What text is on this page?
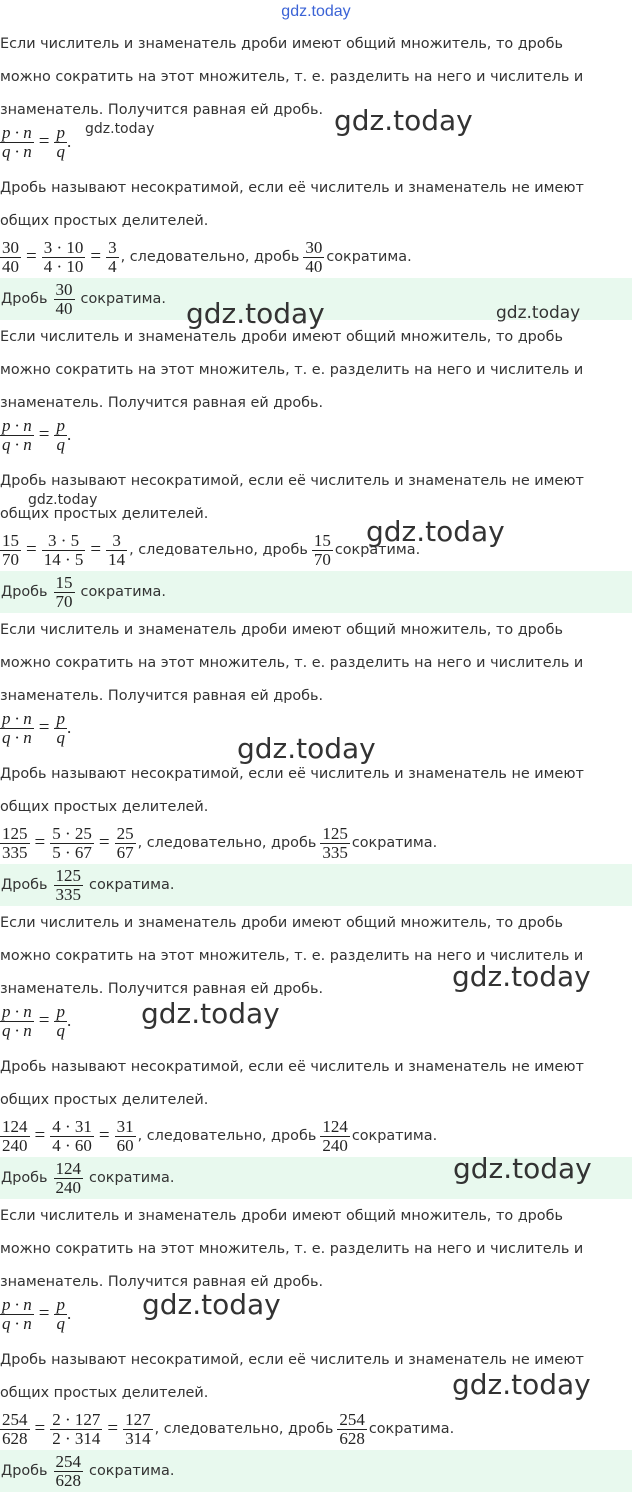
gdz.today
Если числитель и знаменатель дроби имеют общий множитель, то дробь
можно сократить на этот множитель, т. е. разделить на него и числитель и
знаменатель. Получится равная ей дробь.
$\frac{p \cdot n}{q \cdot n} = \frac{p}{q}$ .
Дробь называют несократимой, если её числитель и знаменатель не имеют
общих простых делителей.
$\frac{30}{40} = \frac{3 \cdot 10}{4 \cdot 10} = \frac{3}{4}$ , следовательно, дробь $\frac{30}{40}$ сократима.
Дробь $\frac{30}{40}$ сократима.
Если числитель и знаменатель дроби имеют общий множитель, то дробь
можно сократить на этот множитель, т. е. разделить на него и числитель и
знаменатель. Получится равная ей дробь.
$\frac{p \cdot n}{q \cdot n} = \frac{p}{q}$ .
Дробь называют несократимой, если её числитель и знаменатель не имеют
общих простых делителей.
$\frac{15}{70} = \frac{3 \cdot 5}{14 \cdot 5} = \frac{3}{14}$ , следовательно, дробь $\frac{15}{70}$ сократима.
Дробь $\frac{15}{70}$ сократима.
Если числитель и знаменатель дроби имеют общий множитель, то дробь
можно сократить на этот множитель, т. е. разделить на него и числитель и
знаменатель. Получится равная ей дробь.
$\frac{p \cdot n}{q \cdot n} = \frac{p}{q}$ .
Дробь называют несократимой, если её числитель и знаменатель не имеют
общих простых делителей.
$\frac{125}{335} = \frac{5 \cdot 25}{5 \cdot 67} = \frac{25}{67}$ , следовательно, дробь $\frac{125}{335}$ сократима.
Дробь $\frac{125}{335}$ сократима.
Если числитель и знаменатель дроби имеют общий множитель, то дробь
можно сократить на этот множитель, т. е. разделить на него и числитель и
знаменатель. Получится равная ей дробь.
$\frac{p \cdot n}{q \cdot n} = \frac{p}{q}$ .
Дробь называют несократимой, если её числитель и знаменатель не имеют
общих простых делителей.
$\frac{124}{240} = \frac{4 \cdot 31}{4 \cdot 60} = \frac{31}{60}$ , следовательно, дробь $\frac{124}{240}$ сократима.
Дробь $\frac{124}{240}$ сократима.
Если числитель и знаменатель дроби имеют общий множитель, то дробь
можно сократить на этот множитель, т. е. разделить на него и числитель и
знаменатель. Получится равная ей дробь.
$\frac{p \cdot n}{q \cdot n} = \frac{p}{q}$ .
Дробь называют несократимой, если её числитель и знаменатель не имеют
общих простых делителей.
$\frac{254}{628} = \frac{2 \cdot 127}{2 \cdot 314} = \frac{127}{314}$ , следовательно, дробь $\frac{254}{628}$ сократима.
Дробь $\frac{254}{628}$ сократима.
gdz.today
gdz.today
gdz.today	gdz.today
gdz.today
gdz.today
gdz.today
gdz.today
gdz.today
gdz.today
gdz.today
gdz.today
